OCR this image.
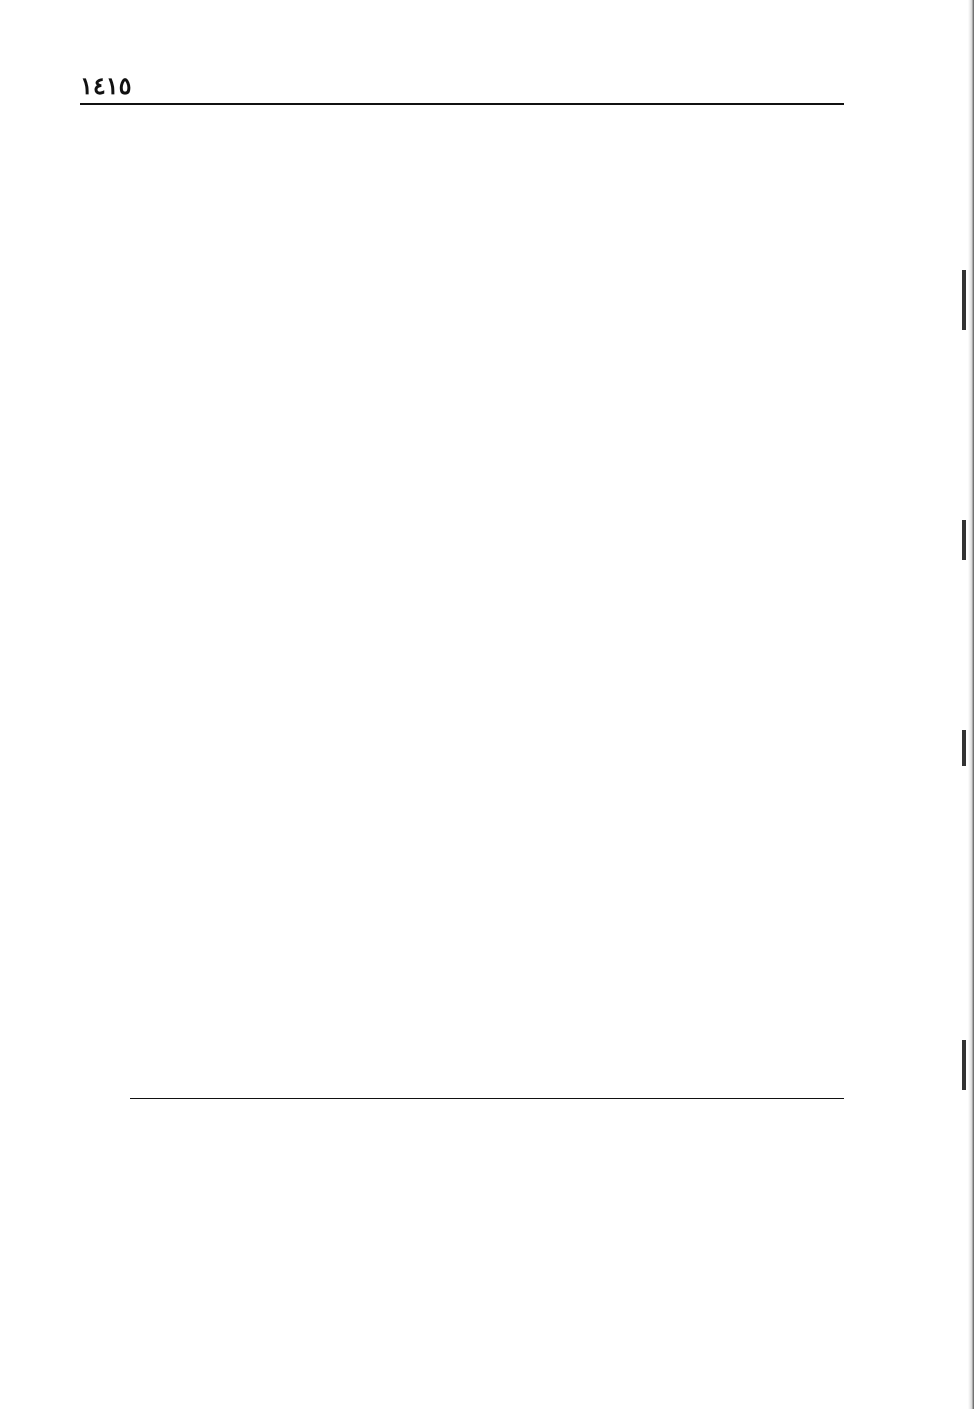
١٤١٥
